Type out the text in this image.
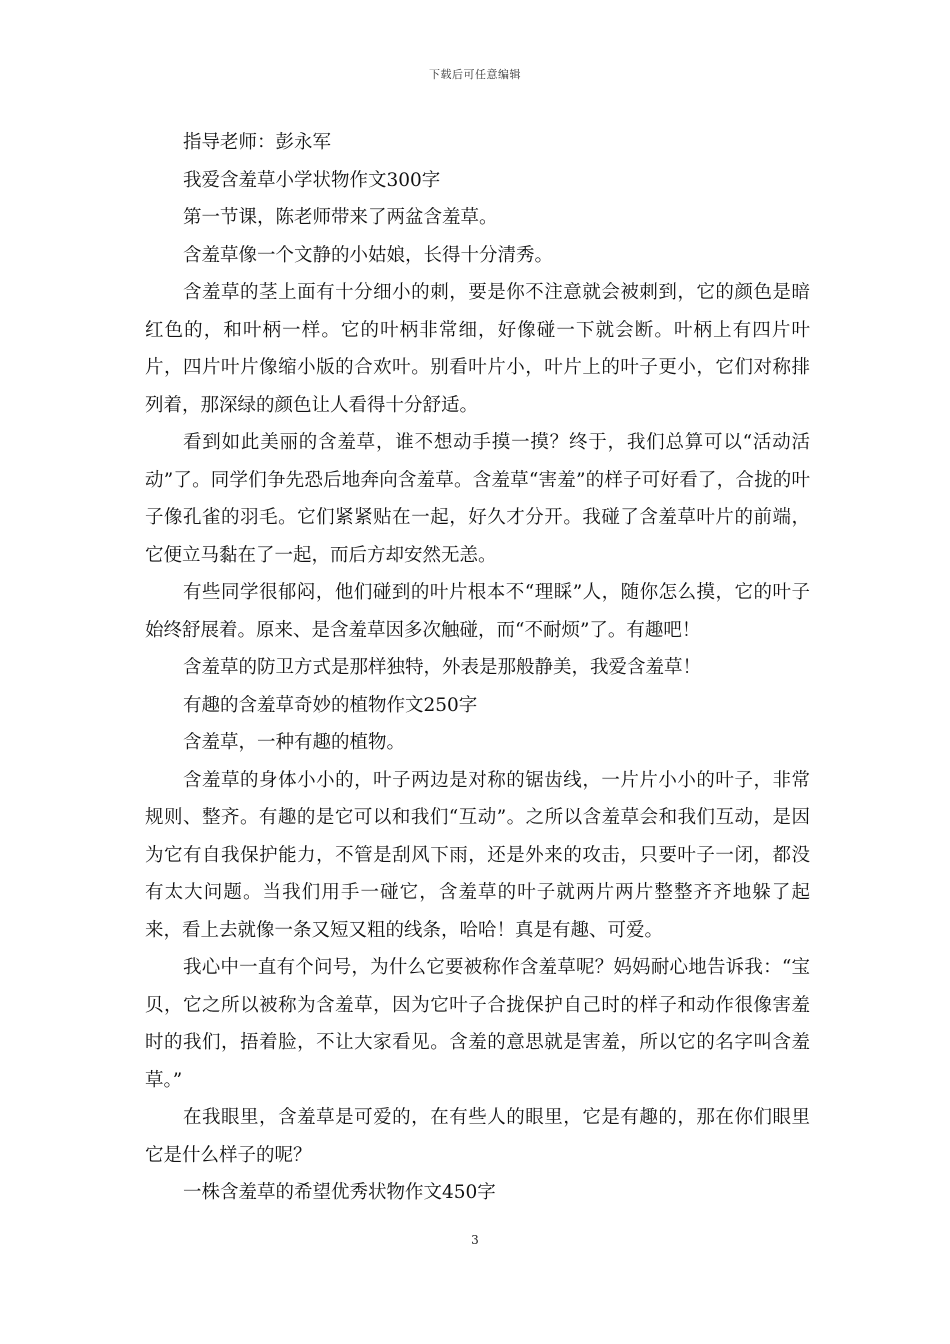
下载后可任意编辑

指导老师：彭永军

我爱含羞草小学状物作文300字

第一节课，陈老师带来了两盆含羞草。

含羞草像一个文静的小姑娘，长得十分清秀。

含羞草的茎上面有十分细小的刺，要是你不注意就会被刺到，它的颜色是暗红色的，和叶柄一样。它的叶柄非常细，好像碰一下就会断。叶柄上有四片叶片，四片叶片像缩小版的合欢叶。别看叶片小，叶片上的叶子更小，它们对称排列着，那深绿的颜色让人看得十分舒适。

看到如此美丽的含羞草，谁不想动手摸一摸？终于，我们总算可以“活动活动”了。同学们争先恐后地奔向含羞草。含羞草“害羞”的样子可好看了，合拢的叶子像孔雀的羽毛。它们紧紧贴在一起，好久才分开。我碰了含羞草叶片的前端，它便立马黏在了一起，而后方却安然无恙。

有些同学很郁闷，他们碰到的叶片根本不“理睬”人，随你怎么摸，它的叶子始终舒展着。原来、是含羞草因多次触碰，而“不耐烦”了。有趣吧！

含羞草的防卫方式是那样独特，外表是那般静美，我爱含羞草！

有趣的含羞草奇妙的植物作文250字

含羞草，一种有趣的植物。

含羞草的身体小小的，叶子两边是对称的锯齿线，一片片小小的叶子，非常规则、整齐。有趣的是它可以和我们“互动”。之所以含羞草会和我们互动，是因为它有自我保护能力，不管是刮风下雨，还是外来的攻击，只要叶子一闭，都没有太大问题。当我们用手一碰它，含羞草的叶子就两片两片整整齐齐地躲了起来，看上去就像一条又短又粗的线条，哈哈！真是有趣、可爱。

我心中一直有个问号，为什么它要被称作含羞草呢？妈妈耐心地告诉我：“宝贝，它之所以被称为含羞草，因为它叶子合拢保护自己时的样子和动作很像害羞时的我们，捂着脸，不让大家看见。含羞的意思就是害羞，所以它的名字叫含羞草。”

在我眼里，含羞草是可爱的，在有些人的眼里，它是有趣的，那在你们眼里它是什么样子的呢？

一株含羞草的希望优秀状物作文450字

3
